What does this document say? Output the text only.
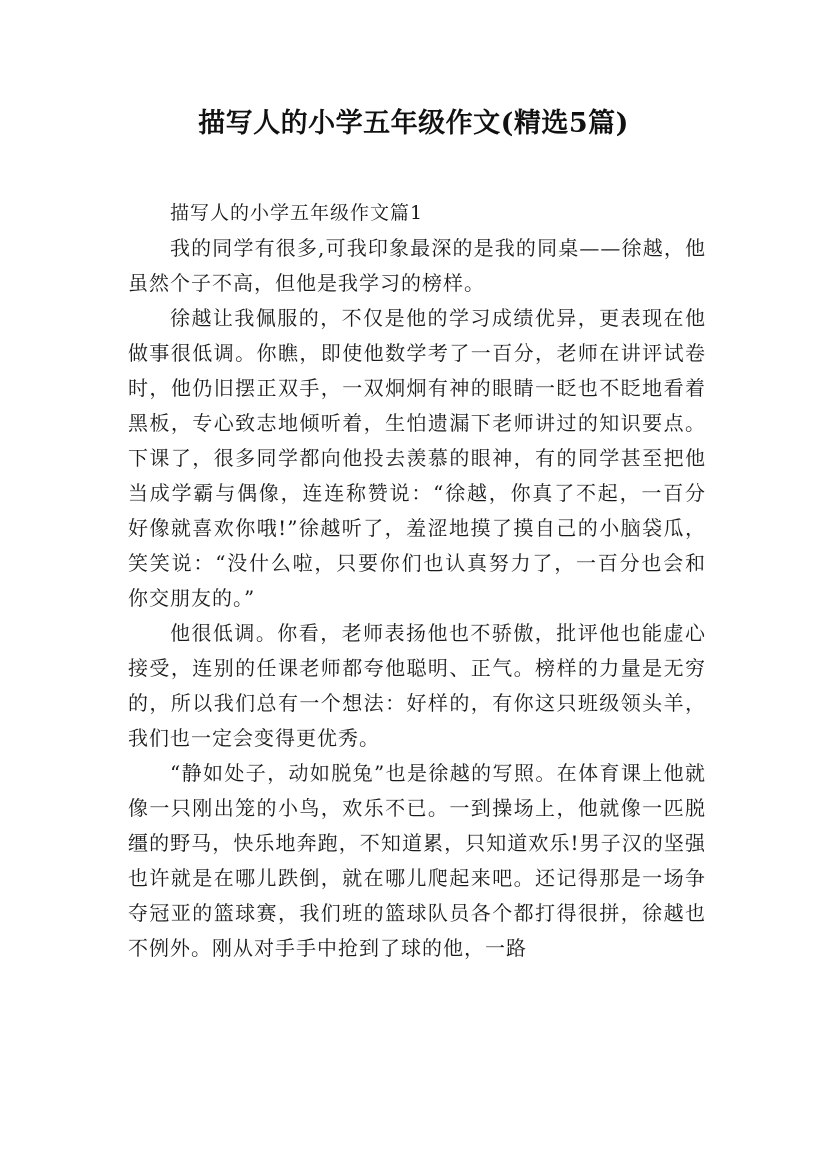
描写人的小学五年级作文(精选5篇)

描写人的小学五年级作文篇1

我的同学有很多,可我印象最深的是我的同桌——徐越，他虽然个子不高，但他是我学习的榜样。

徐越让我佩服的，不仅是他的学习成绩优异，更表现在他做事很低调。你瞧，即使他数学考了一百分，老师在讲评试卷时，他仍旧摆正双手，一双炯炯有神的眼睛一眨也不眨地看着黑板，专心致志地倾听着，生怕遗漏下老师讲过的知识要点。下课了，很多同学都向他投去羡慕的眼神，有的同学甚至把他当成学霸与偶像，连连称赞说：“徐越，你真了不起，一百分好像就喜欢你哦!”徐越听了，羞涩地摸了摸自己的小脑袋瓜，笑笑说：“没什么啦，只要你们也认真努力了，一百分也会和你交朋友的。”

他很低调。你看，老师表扬他也不骄傲，批评他也能虚心接受，连别的任课老师都夸他聪明、正气。榜样的力量是无穷的，所以我们总有一个想法：好样的，有你这只班级领头羊，我们也一定会变得更优秀。

“静如处子，动如脱兔”也是徐越的写照。在体育课上他就像一只刚出笼的小鸟，欢乐不已。一到操场上，他就像一匹脱缰的野马，快乐地奔跑，不知道累，只知道欢乐!男子汉的坚强也许就是在哪儿跌倒，就在哪儿爬起来吧。还记得那是一场争夺冠亚的篮球赛，我们班的篮球队员各个都打得很拼，徐越也不例外。刚从对手手中抢到了球的他，一路
